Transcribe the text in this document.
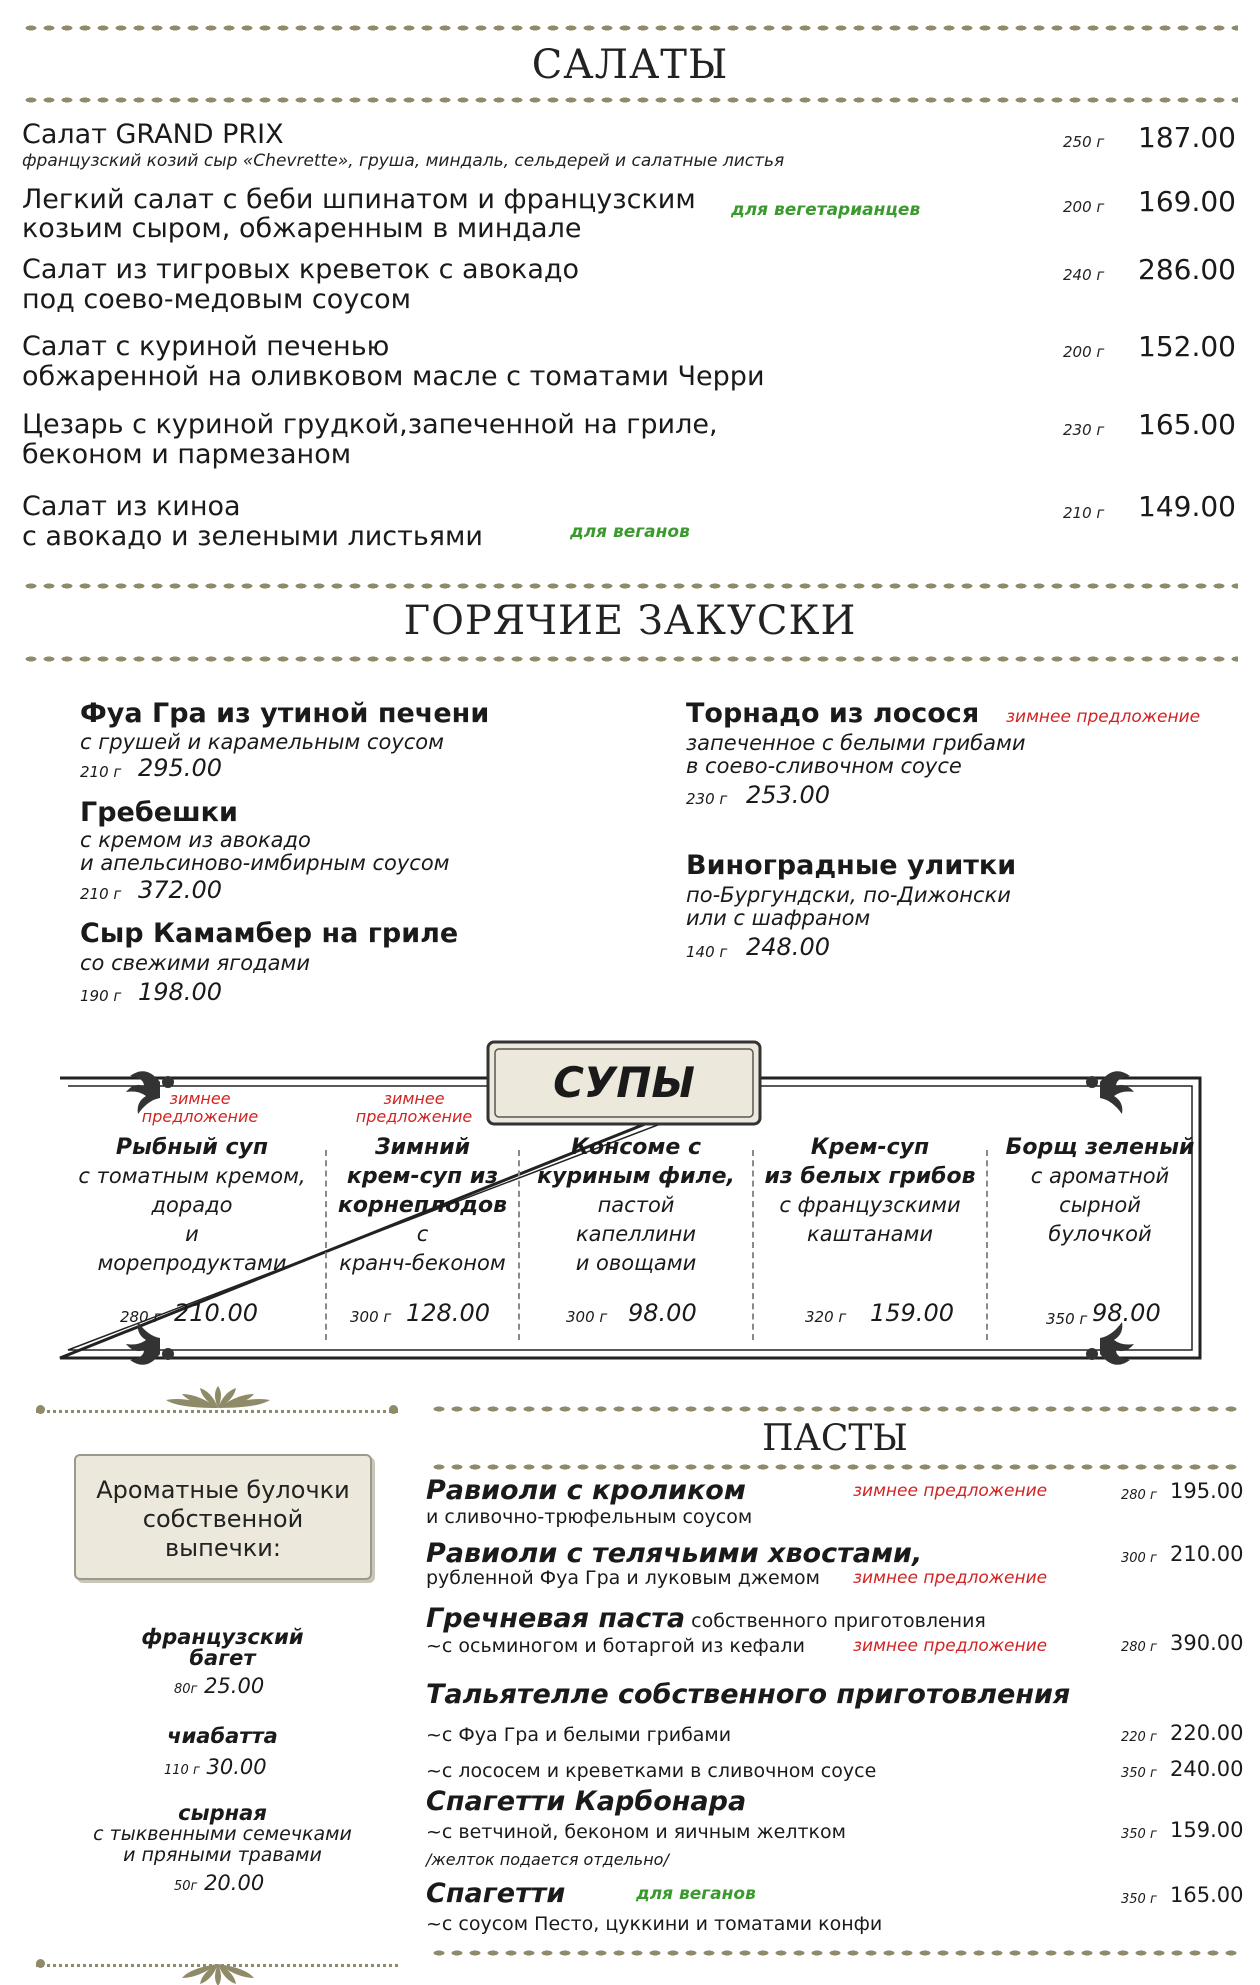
САЛАТЫ
Салат GRAND PRIX
французский козий сыр «Chevrette», груша, миндаль, сельдерей и салатные листья
250 г 187.00
Легкий салат с беби шпинатом и французским
козьим сыром, обжаренным в миндале
для вегетарианцев	200 г 169.00
Салат из тигровых креветок с авокадо
под соево-медовым соусом
240 г 286.00
Салат с куриной печенью
обжаренной на оливковом масле с томатами Черри
200 г 152.00
Цезарь с куриной грудкой,запеченной на гриле,
беконом и пармезаном
230 г 165.00
Салат из киноа
с авокадо и зелеными листьями	для веганов
210 г 149.00
ГОРЯЧИЕ ЗАКУСКИ
Фуа Гра из утиной печени
с грушей и карамельным соусом
210 г 295.00
Гребешки
с кремом из авокадо
и апельсиново-имбирным соусом
210 г 372.00
Сыр Камамбер на гриле
со свежими ягодами
190 г 198.00
Торнадо из лосося зимнее предложение
запеченное с белыми грибами
в соево-сливочном соусе
230 г 253.00
Виноградные улитки
по-Бургундски, по-Дижонски
или с шафраном
140 г 248.00
СУПЫ
зимнее
предложение
Рыбный суп
с томатным кремом,
дорадо
и
морепродуктами
280 г 210.00
зимнее
предложение
Зимний
крем-суп из
корнеплодов
с
кранч-беконом
300 г 128.00
Консоме с
куриным филе,
пастой
капеллини
и овощами
300 г 98.00
Крем-суп
из белых грибов
с французскими
каштанами
320 г 159.00
Борщ зеленый
с ароматной
сырной
булочкой
350 г 98.00
Ароматные булочки
собственной
выпечки:
французский
багет
80г 25.00
чиабатта
110 г 30.00
сырная
с тыквенными семечками
и пряными травами
50г 20.00
ПАСТЫ
Равиоли с кроликом	зимнее предложение
и сливочно-трюфельным соусом
280 г 195.00
Равиоли с телячьими хвостами,
рубленной Фуа Гра и луковым джемом зимнее предложение
300 г 210.00
Гречневая паста собственного приготовления
~с осьминогом и ботаргой из кефали	зимнее предложение	280 г 390.00
Тальятелле собственного приготовления
~с Фуа Гра и белыми грибами	220 г 220.00
~с лососем и креветками в сливочном соусе	350 г 240.00
Спагетти Карбонара
~с ветчиной, беконом и яичным желтком
/желток подается отдельно/
350 г 159.00
Спагетти	для веганов
~с соусом Песто, цуккини и томатами конфи
350 г 165.00
